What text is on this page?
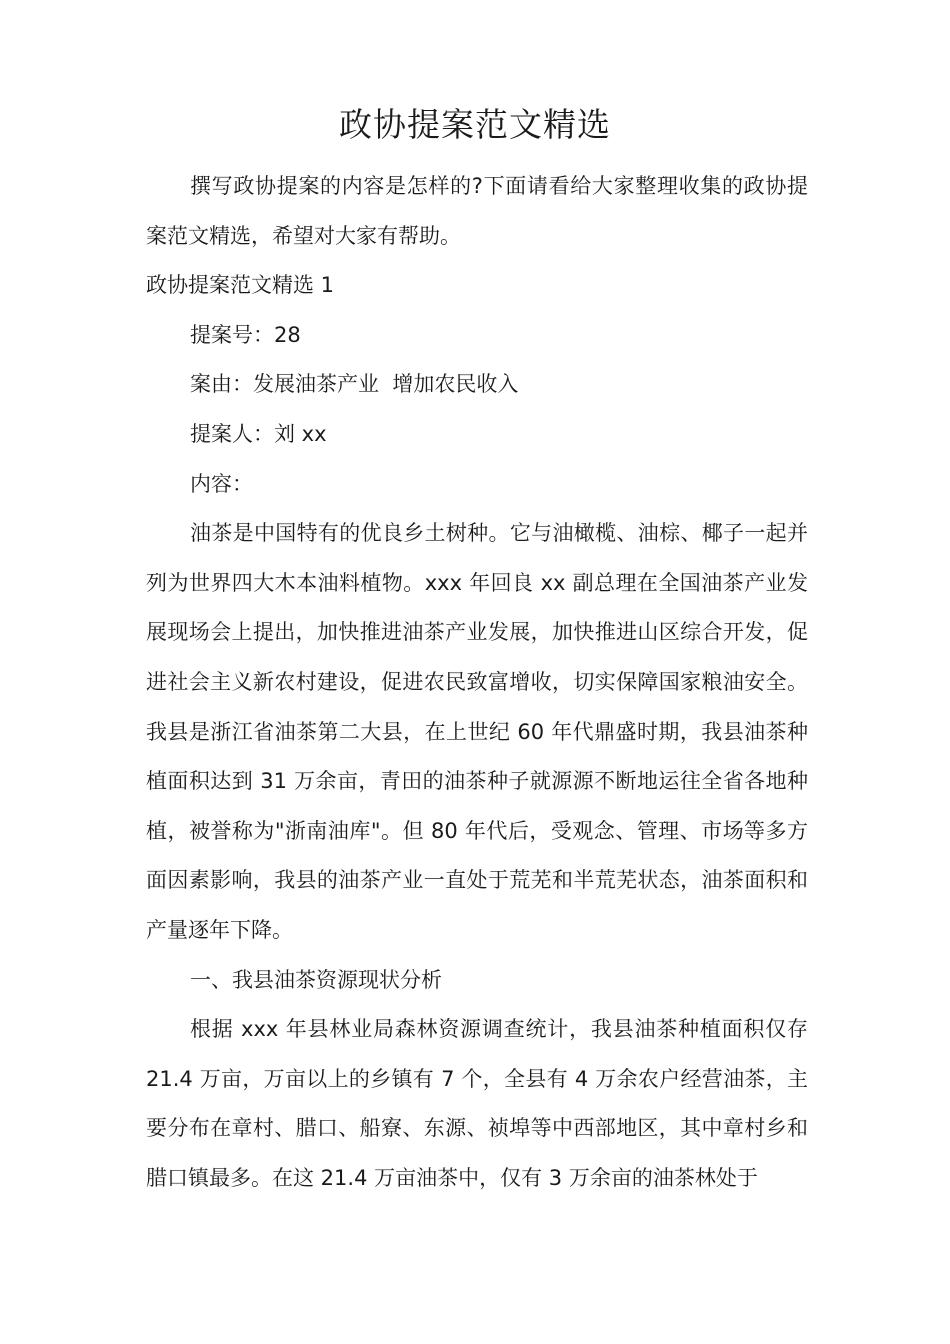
政协提案范文精选

撰写政协提案的内容是怎样的?下面请看给大家整理收集的政协提案范文精选，希望对大家有帮助。

政协提案范文精选 1

提案号：28

案由：发展油茶产业  增加农民收入

提案人：刘 xx

内容：

油茶是中国特有的优良乡土树种。它与油橄榄、油棕、椰子一起并列为世界四大木本油料植物。xxx 年回良 xx 副总理在全国油茶产业发展现场会上提出，加快推进油茶产业发展，加快推进山区综合开发，促进社会主义新农村建设，促进农民致富增收，切实保障国家粮油安全。我县是浙江省油茶第二大县，在上世纪 60 年代鼎盛时期，我县油茶种植面积达到 31 万余亩，青田的油茶种子就源源不断地运往全省各地种植，被誉称为"浙南油库"。但 80 年代后，受观念、管理、市场等多方面因素影响，我县的油茶产业一直处于荒芜和半荒芜状态，油茶面积和产量逐年下降。

一、我县油茶资源现状分析

根据 xxx 年县林业局森林资源调查统计，我县油茶种植面积仅存 21.4 万亩，万亩以上的乡镇有 7 个，全县有 4 万余农户经营油茶，主要分布在章村、腊口、船寮、东源、祯埠等中西部地区，其中章村乡和腊口镇最多。在这 21.4 万亩油茶中，仅有 3 万余亩的油茶林处于
